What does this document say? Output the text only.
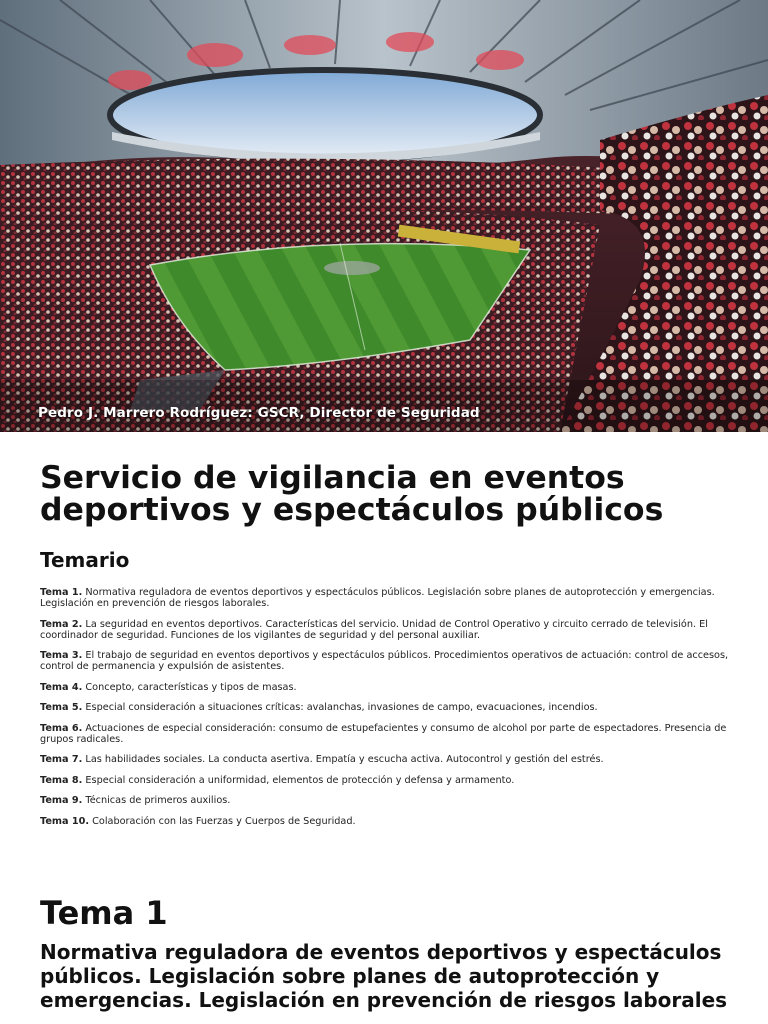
Pedro J. Marrero Rodríguez: GSCR, Director de Seguridad
Servicio de vigilancia en eventos deportivos y espectáculos públicos
Temario
Tema 1. Normativa reguladora de eventos deportivos y espectáculos públicos. Legislación sobre planes de autoprotección y emergencias. Legislación en prevención de riesgos laborales.
Tema 2. La seguridad en eventos deportivos. Características del servicio. Unidad de Control Operativo y circuito cerrado de televisión. El coordinador de seguridad. Funciones de los vigilantes de seguridad y del personal auxiliar.
Tema 3. El trabajo de seguridad en eventos deportivos y espectáculos públicos. Procedimientos operativos de actuación: control de accesos, control de permanencia y expulsión de asistentes.
Tema 4. Concepto, características y tipos de masas.
Tema 5. Especial consideración a situaciones críticas: avalanchas, invasiones de campo, evacuaciones, incendios.
Tema 6. Actuaciones de especial consideración: consumo de estupefacientes y consumo de alcohol por parte de espectadores. Presencia de grupos radicales.
Tema 7. Las habilidades sociales. La conducta asertiva. Empatía y escucha activa. Autocontrol y gestión del estrés.
Tema 8. Especial consideración a uniformidad, elementos de protección y defensa y armamento.
Tema 9. Técnicas de primeros auxilios.
Tema 10. Colaboración con las Fuerzas y Cuerpos de Seguridad.
Tema 1
Normativa reguladora de eventos deportivos y espectáculos públicos. Legislación sobre planes de autoprotección y emergencias. Legislación en prevención de riesgos laborales
